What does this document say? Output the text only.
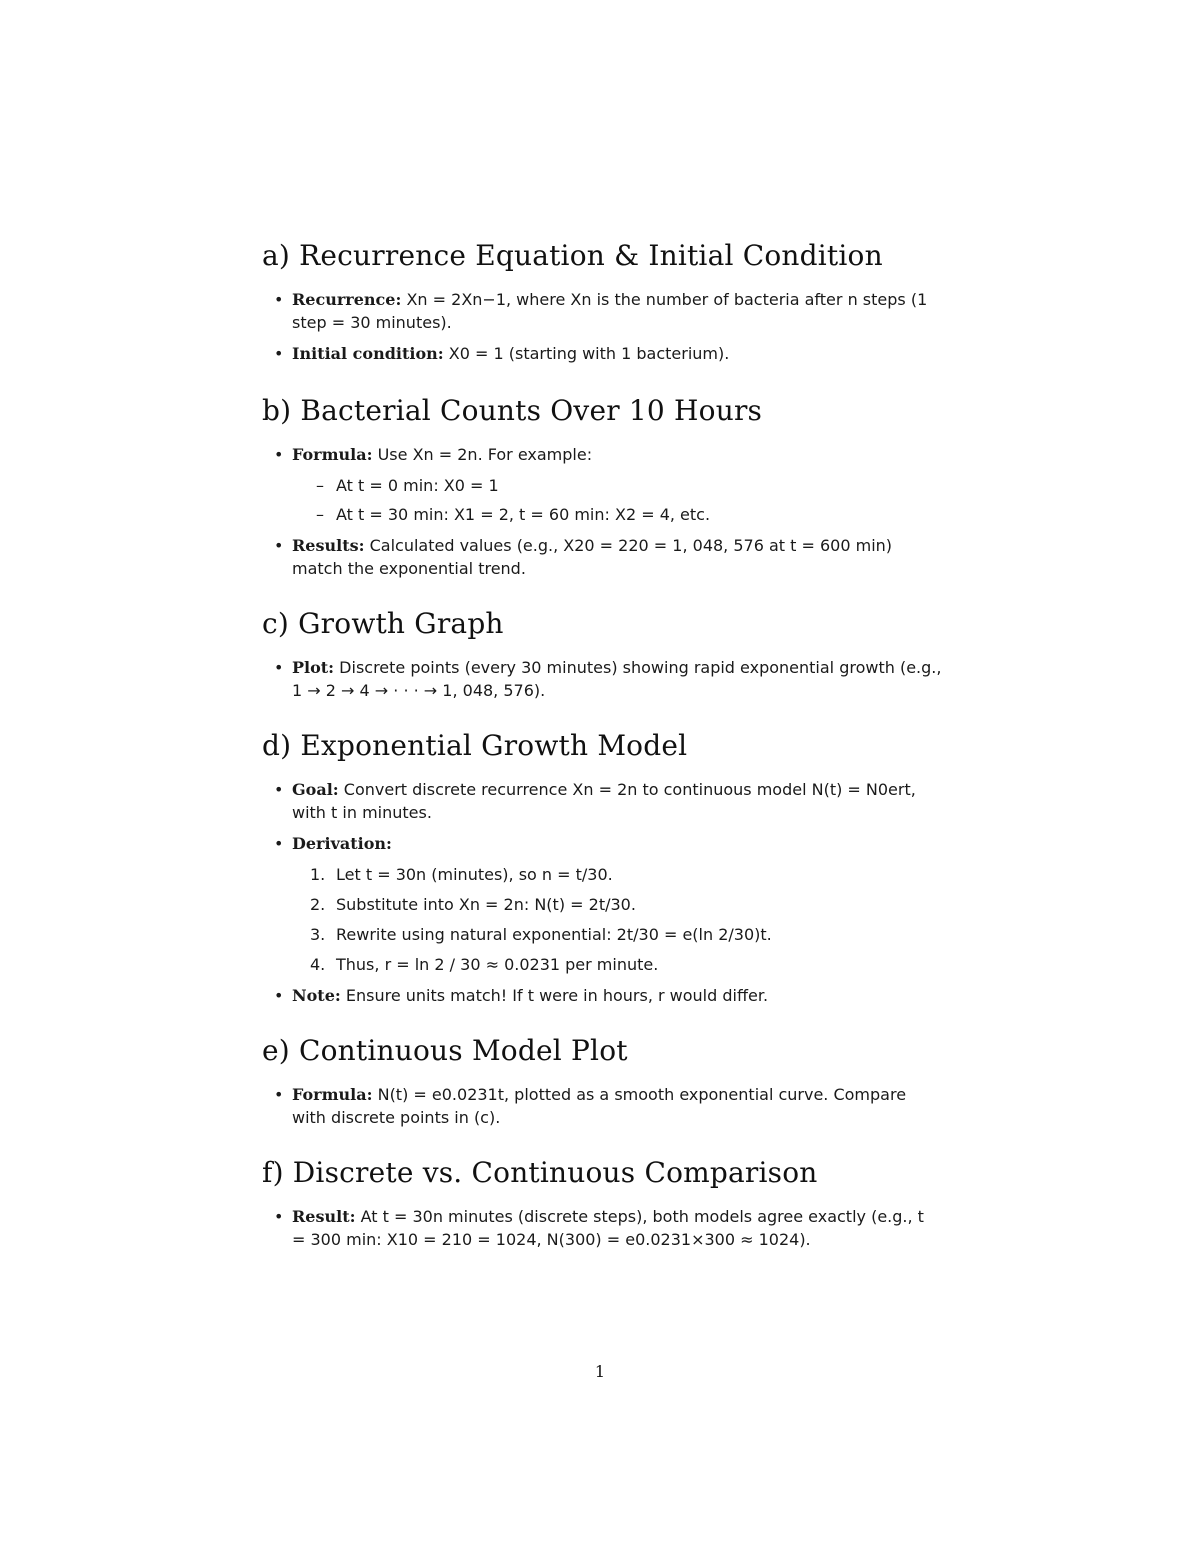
a) Recurrence Equation & Initial Condition
• Recurrence: Xn = 2Xn−1, where Xn is the number of bacteria after n steps (1 step = 30 minutes).
• Initial condition: X0 = 1 (starting with 1 bacterium).
b) Bacterial Counts Over 10 Hours
• Formula: Use Xn = 2n. For example:
– At t = 0 min: X0 = 1
– At t = 30 min: X1 = 2, t = 60 min: X2 = 4, etc.
• Results: Calculated values (e.g., X20 = 220 = 1, 048, 576 at t = 600 min) match the exponential trend.
c) Growth Graph
• Plot: Discrete points (every 30 minutes) showing rapid exponential growth (e.g., 1 → 2 → 4 → · · · → 1, 048, 576).
d) Exponential Growth Model
• Goal: Convert discrete recurrence Xn = 2n to continuous model N(t) = N0ert, with t in minutes.
• Derivation:
1. Let t = 30n (minutes), so n = t/30.
2. Substitute into Xn = 2n: N(t) = 2t/30.
3. Rewrite using natural exponential: 2t/30 = e(ln 2/30)t.
4. Thus, r = ln 2 / 30 ≈ 0.0231 per minute.
• Note: Ensure units match! If t were in hours, r would differ.
e) Continuous Model Plot
• Formula: N(t) = e0.0231t, plotted as a smooth exponential curve. Compare with discrete points in (c).
f) Discrete vs. Continuous Comparison
• Result: At t = 30n minutes (discrete steps), both models agree exactly (e.g., t = 300 min: X10 = 210 = 1024, N(300) = e0.0231×300 ≈ 1024).
1
